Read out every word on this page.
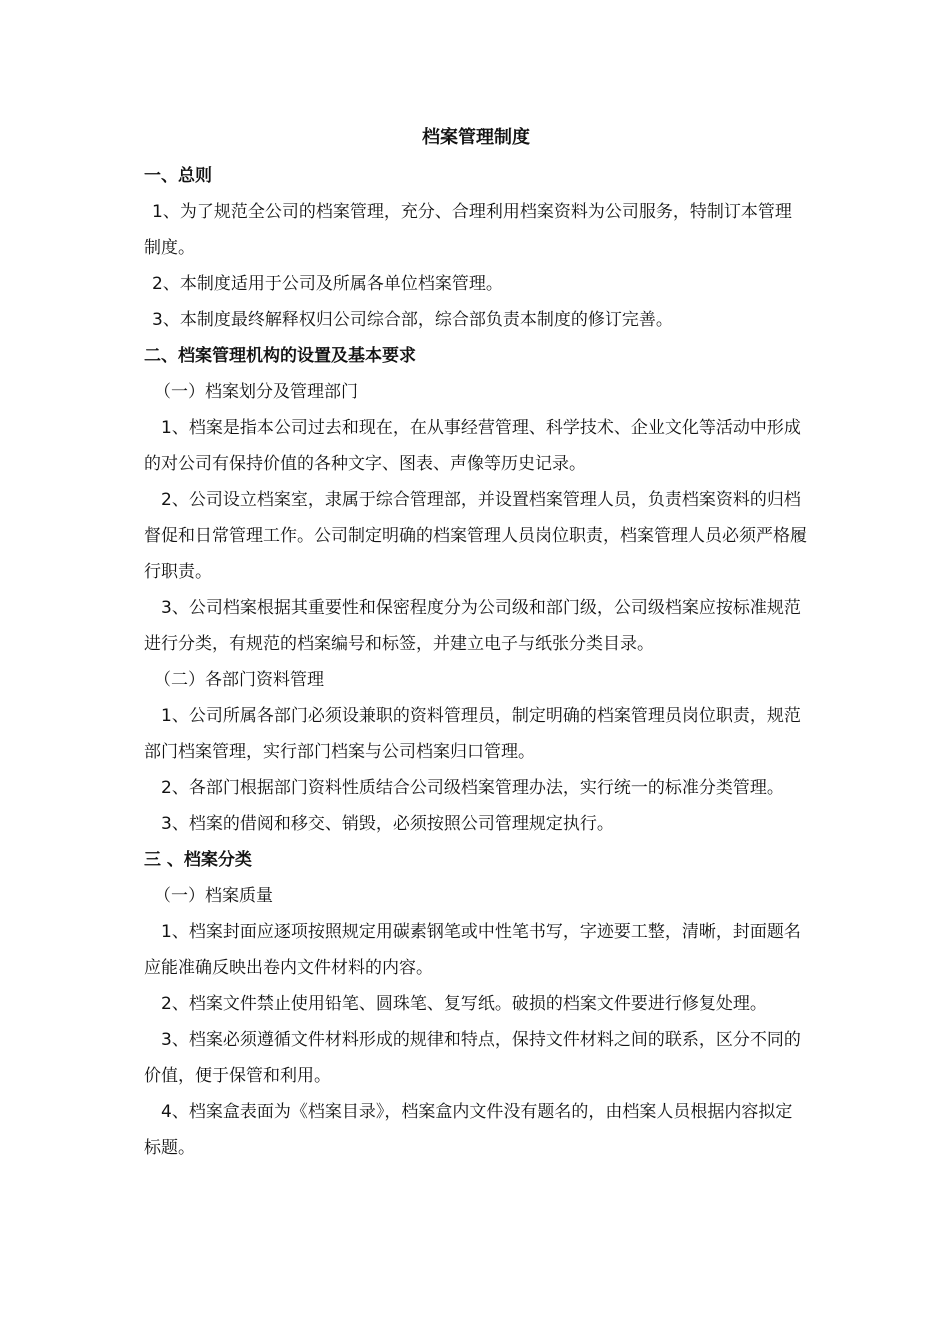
档案管理制度

一、总则

1、为了规范全公司的档案管理，充分、合理利用档案资料为公司服务，特制订本管理制度。

2、本制度适用于公司及所属各单位档案管理。

3、本制度最终解释权归公司综合部，综合部负责本制度的修订完善。

二、档案管理机构的设置及基本要求

（一）档案划分及管理部门

1、档案是指本公司过去和现在，在从事经营管理、科学技术、企业文化等活动中形成的对公司有保持价值的各种文字、图表、声像等历史记录。

2、公司设立档案室，隶属于综合管理部，并设置档案管理人员，负责档案资料的归档督促和日常管理工作。公司制定明确的档案管理人员岗位职责，档案管理人员必须严格履行职责。

3、公司档案根据其重要性和保密程度分为公司级和部门级，公司级档案应按标准规范进行分类，有规范的档案编号和标签，并建立电子与纸张分类目录。

（二）各部门资料管理

1、公司所属各部门必须设兼职的资料管理员，制定明确的档案管理员岗位职责，规范部门档案管理，实行部门档案与公司档案归口管理。

2、各部门根据部门资料性质结合公司级档案管理办法，实行统一的标准分类管理。

3、档案的借阅和移交、销毁，必须按照公司管理规定执行。

三 、档案分类

（一）档案质量

1、档案封面应逐项按照规定用碳素钢笔或中性笔书写，字迹要工整，清晰，封面题名应能准确反映出卷内文件材料的内容。

2、档案文件禁止使用铅笔、圆珠笔、复写纸。破损的档案文件要进行修复处理。

3、档案必须遵循文件材料形成的规律和特点，保持文件材料之间的联系，区分不同的价值，便于保管和利用。

4、档案盒表面为《档案目录》，档案盒内文件没有题名的，由档案人员根据内容拟定标题。
